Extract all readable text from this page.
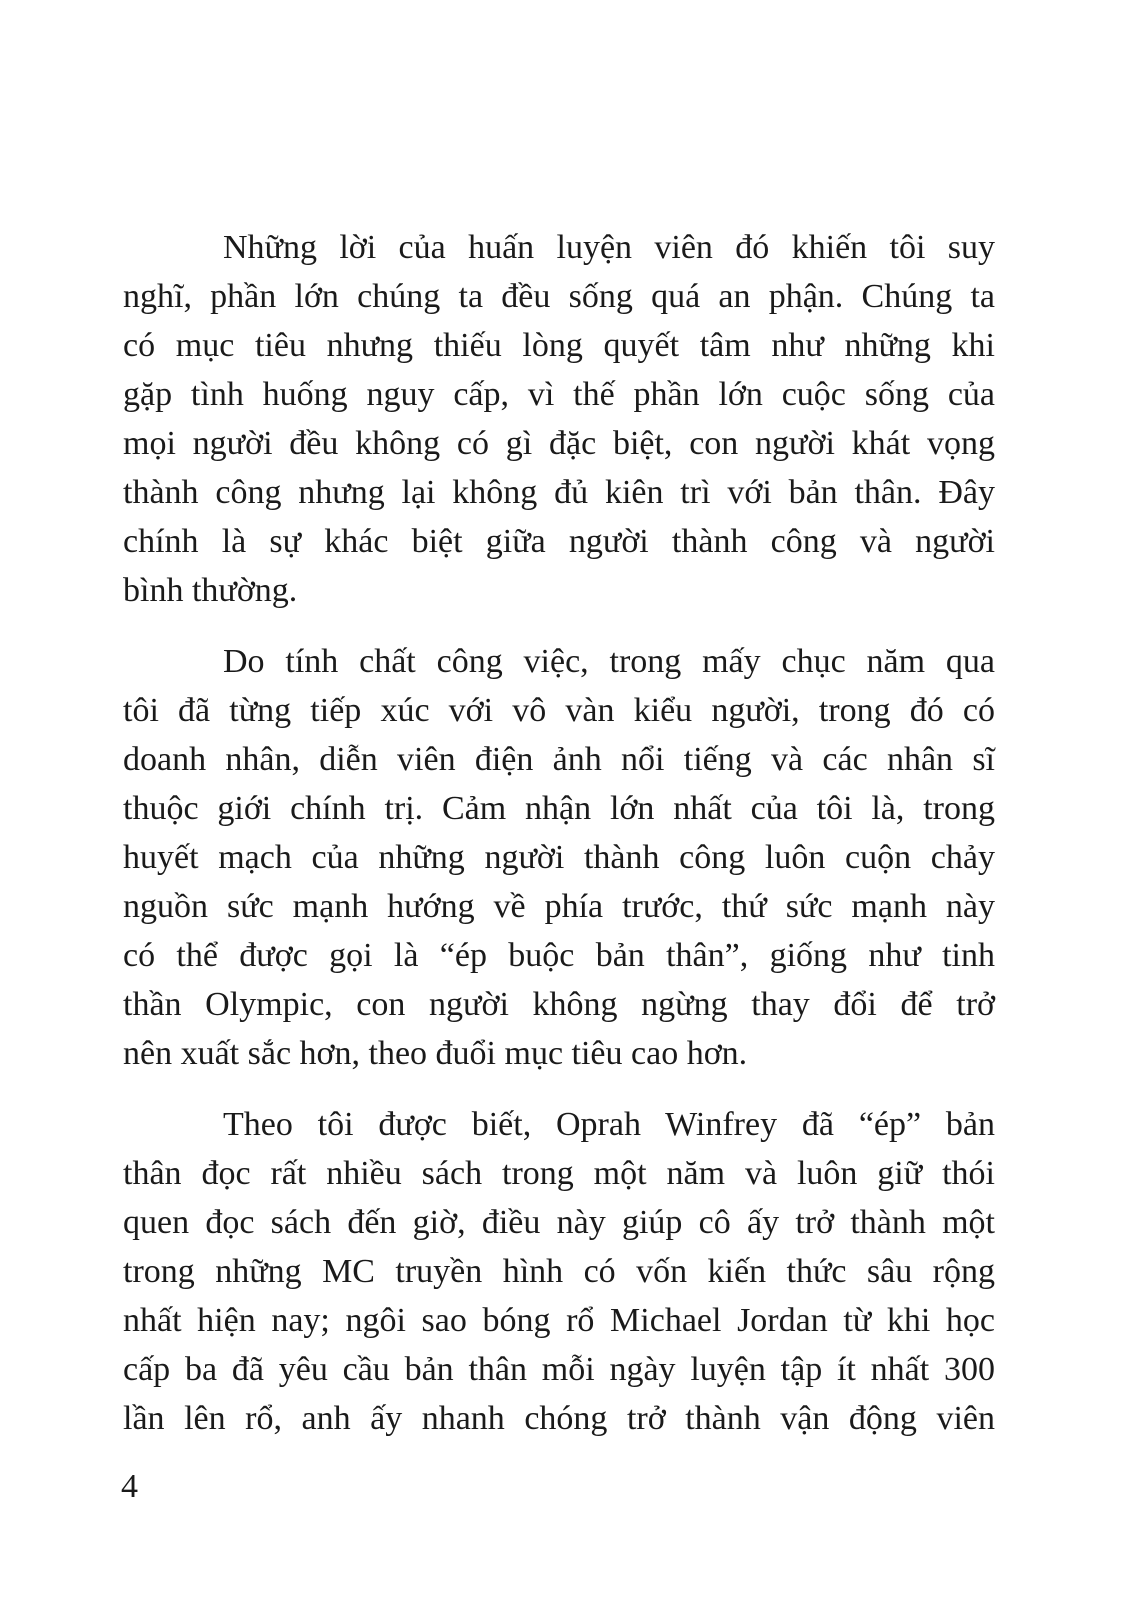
Những lời của huấn luyện viên đó khiến tôi suy
nghĩ, phần lớn chúng ta đều sống quá an phận. Chúng ta
có mục tiêu nhưng thiếu lòng quyết tâm như những khi
gặp tình huống nguy cấp, vì thế phần lớn cuộc sống của
mọi người đều không có gì đặc biệt, con người khát vọng
thành công nhưng lại không đủ kiên trì với bản thân. Đây
chính là sự khác biệt giữa người thành công và người
bình thường.
Do tính chất công việc, trong mấy chục năm qua
tôi đã từng tiếp xúc với vô vàn kiểu người, trong đó có
doanh nhân, diễn viên điện ảnh nổi tiếng và các nhân sĩ
thuộc giới chính trị. Cảm nhận lớn nhất của tôi là, trong
huyết mạch của những người thành công luôn cuộn chảy
nguồn sức mạnh hướng về phía trước, thứ sức mạnh này
có thể được gọi là “ép buộc bản thân”, giống như tinh
thần Olympic, con người không ngừng thay đổi để trở
nên xuất sắc hơn, theo đuổi mục tiêu cao hơn.
Theo tôi được biết, Oprah Winfrey đã “ép” bản
thân đọc rất nhiều sách trong một năm và luôn giữ thói
quen đọc sách đến giờ, điều này giúp cô ấy trở thành một
trong những MC truyền hình có vốn kiến thức sâu rộng
nhất hiện nay; ngôi sao bóng rổ Michael Jordan từ khi học
cấp ba đã yêu cầu bản thân mỗi ngày luyện tập ít nhất 300
lần lên rổ, anh ấy nhanh chóng trở thành vận động viên
4
